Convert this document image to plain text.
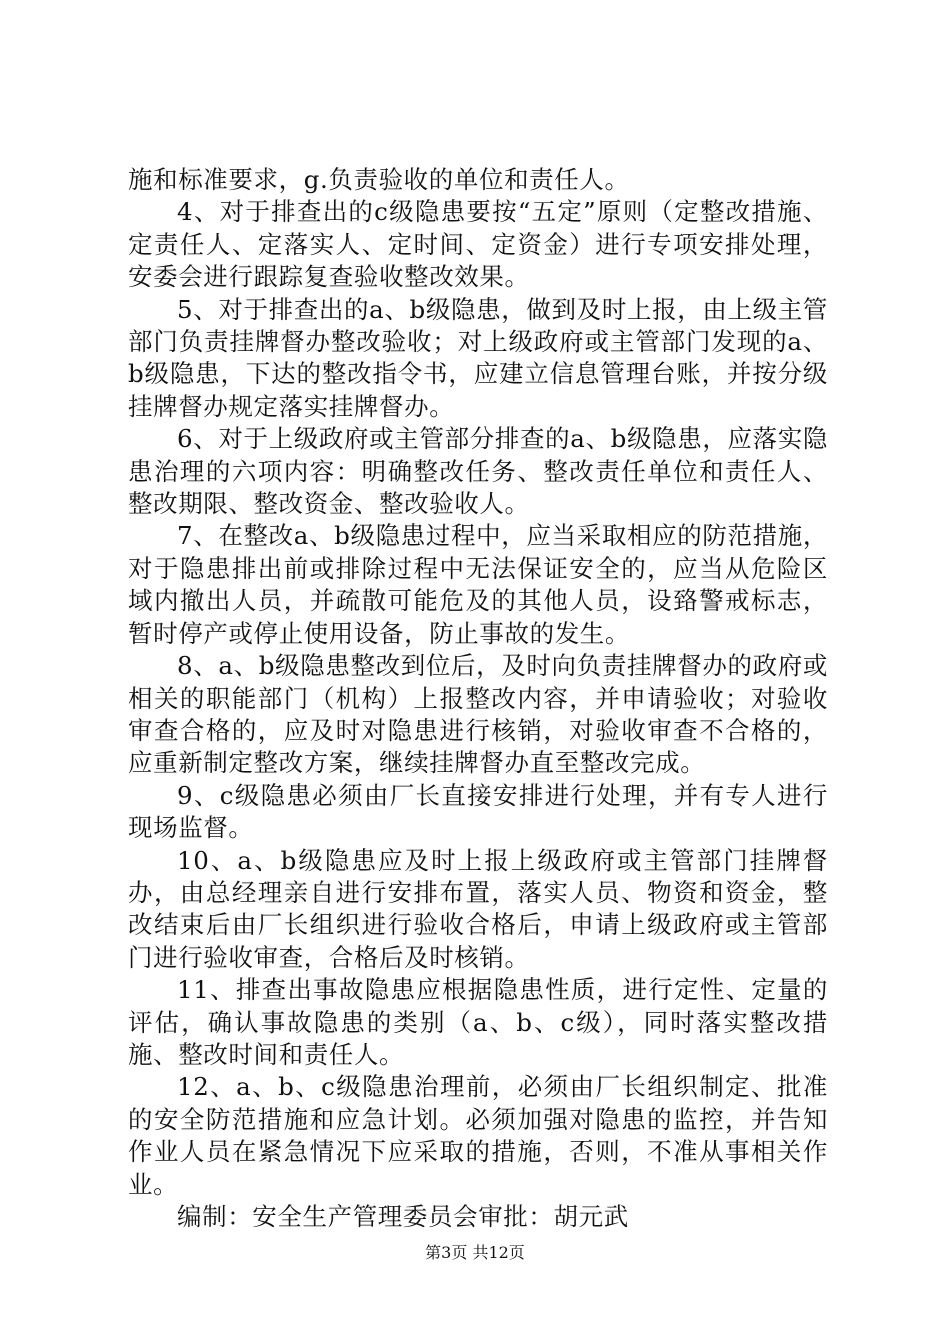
施和标准要求，g.负责验收的单位和责任人。

4、对于排查出的c级隐患要按“五定”原则（定整改措施、定责任人、定落实人、定时间、定资金）进行专项安排处理，安委会进行跟踪复查验收整改效果。

5、对于排查出的a、b级隐患，做到及时上报，由上级主管部门负责挂牌督办整改验收；对上级政府或主管部门发现的a、b级隐患，下达的整改指令书，应建立信息管理台账，并按分级挂牌督办规定落实挂牌督办。

6、对于上级政府或主管部分排查的a、b级隐患，应落实隐患治理的六项内容：明确整改任务、整改责任单位和责任人、整改期限、整改资金、整改验收人。

7、在整改a、b级隐患过程中，应当采取相应的防范措施，对于隐患排出前或排除过程中无法保证安全的，应当从危险区域内撤出人员，并疏散可能危及的其他人员，设臵警戒标志，暂时停产或停止使用设备，防止事故的发生。

8、a、b级隐患整改到位后，及时向负责挂牌督办的政府或相关的职能部门（机构）上报整改内容，并申请验收；对验收审查合格的，应及时对隐患进行核销，对验收审查不合格的，应重新制定整改方案，继续挂牌督办直至整改完成。

9、c级隐患必须由厂长直接安排进行处理，并有专人进行现场监督。

10、a、b级隐患应及时上报上级政府或主管部门挂牌督办，由总经理亲自进行安排布置，落实人员、物资和资金，整改结束后由厂长组织进行验收合格后，申请上级政府或主管部门进行验收审查，合格后及时核销。

11、排查出事故隐患应根据隐患性质，进行定性、定量的评估，确认事故隐患的类别（a、b、c级），同时落实整改措施、整改时间和责任人。

12、a、b、c级隐患治理前，必须由厂长组织制定、批准的安全防范措施和应急计划。必须加强对隐患的监控，并告知作业人员在紧急情况下应采取的措施，否则，不准从事相关作业。

编制：安全生产管理委员会审批：胡元武

第3页 共12页
